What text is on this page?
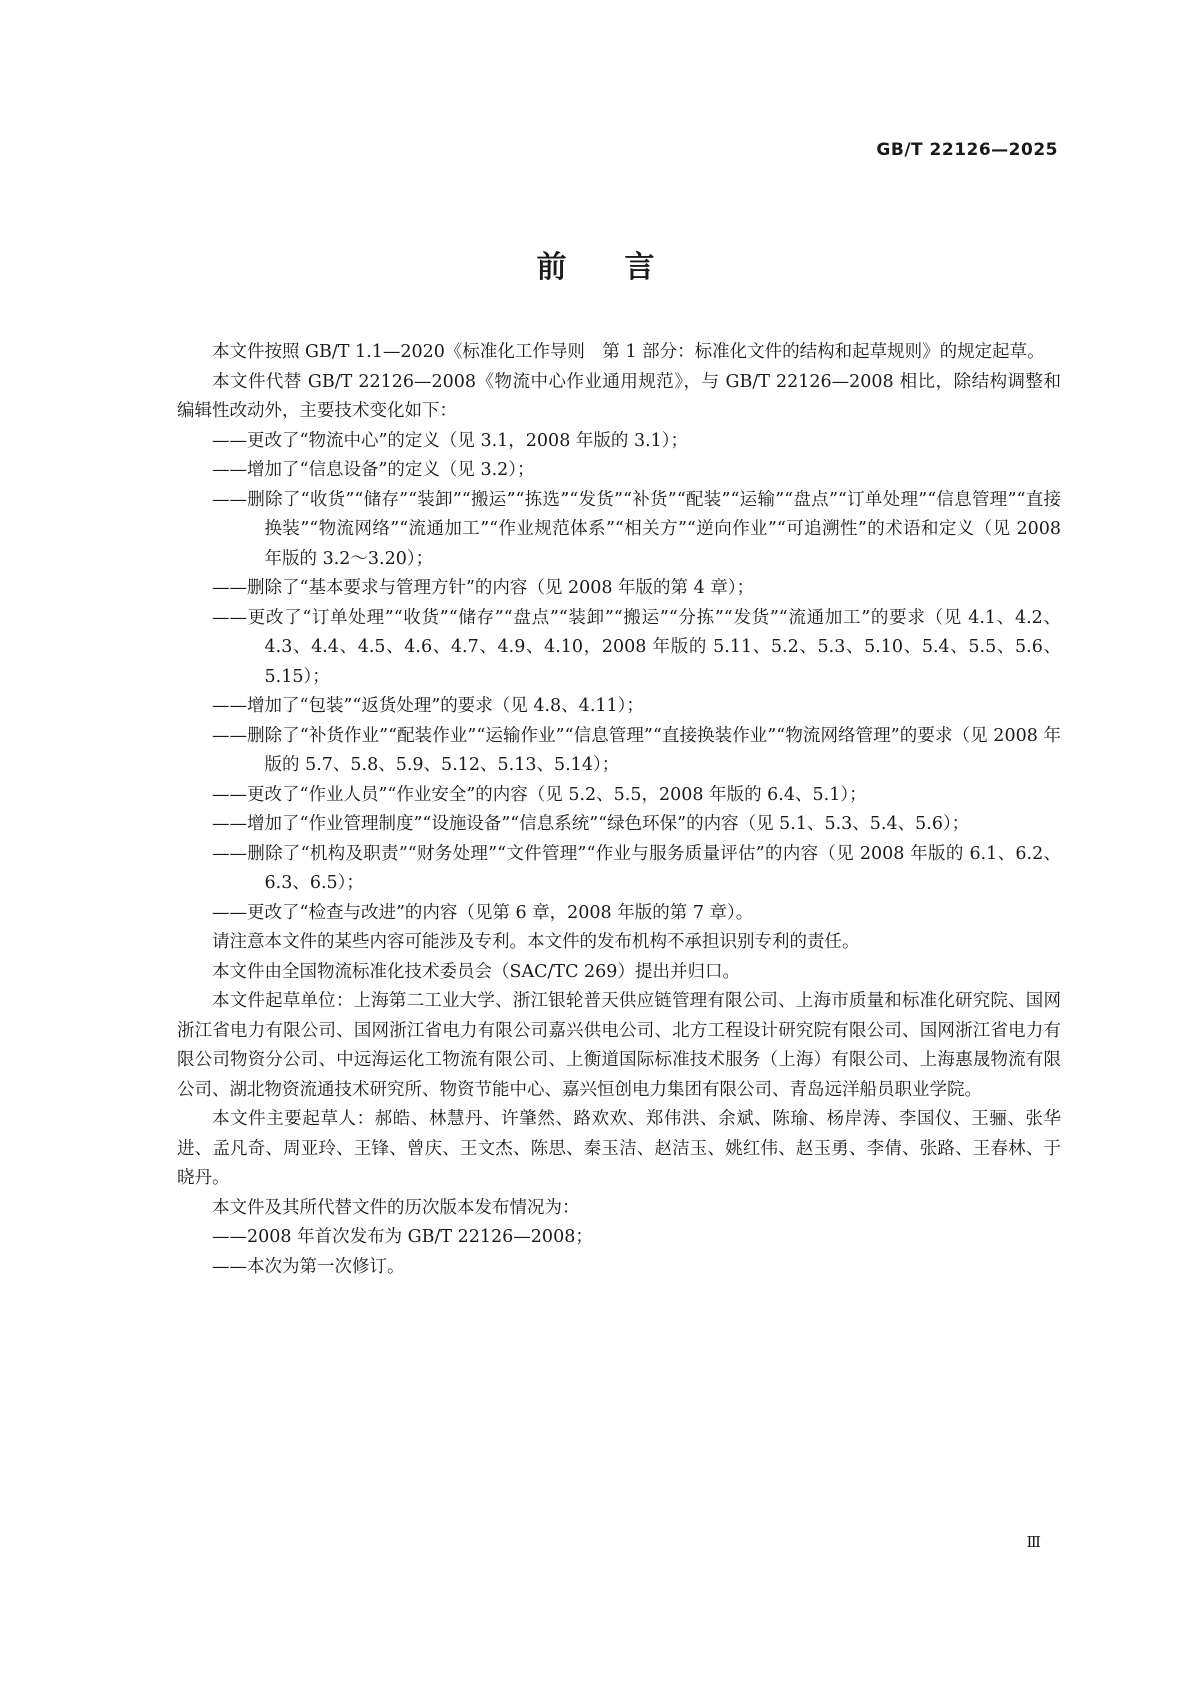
GB/T 22126—2025
前言

本文件按照 GB/T 1.1—2020《标准化工作导则　第 1 部分：标准化文件的结构和起草规则》的规定起草。

本文件代替 GB/T 22126—2008《物流中心作业通用规范》，与 GB/T 22126—2008 相比，除结构调整和编辑性改动外，主要技术变化如下：

——更改了“物流中心”的定义（见 3.1，2008 年版的 3.1）；

——增加了“信息设备”的定义（见 3.2）；

——删除了“收货”“储存”“装卸”“搬运”“拣选”“发货”“补货”“配装”“运输”“盘点”“订单处理”“信息管理”“直接换装”“物流网络”“流通加工”“作业规范体系”“相关方”“逆向作业”“可追溯性”的术语和定义（见 2008 年版的 3.2～3.20）；

——删除了“基本要求与管理方针”的内容（见 2008 年版的第 4 章）；

——更改了“订单处理”“收货”“储存”“盘点”“装卸”“搬运”“分拣”“发货”“流通加工”的要求（见 4.1、4.2、4.3、4.4、4.5、4.6、4.7、4.9、4.10，2008 年版的 5.11、5.2、5.3、5.10、5.4、5.5、5.6、5.15）；

——增加了“包装”“返货处理”的要求（见 4.8、4.11）；

——删除了“补货作业”“配装作业”“运输作业”“信息管理”“直接换装作业”“物流网络管理”的要求（见 2008 年版的 5.7、5.8、5.9、5.12、5.13、5.14）；

——更改了“作业人员”“作业安全”的内容（见 5.2、5.5，2008 年版的 6.4、5.1）；

——增加了“作业管理制度”“设施设备”“信息系统”“绿色环保”的内容（见 5.1、5.3、5.4、5.6）；

——删除了“机构及职责”“财务处理”“文件管理”“作业与服务质量评估”的内容（见 2008 年版的 6.1、6.2、6.3、6.5）；

——更改了“检查与改进”的内容（见第 6 章，2008 年版的第 7 章）。

请注意本文件的某些内容可能涉及专利。本文件的发布机构不承担识别专利的责任。

本文件由全国物流标准化技术委员会（SAC/TC 269）提出并归口。

本文件起草单位：上海第二工业大学、浙江银轮普天供应链管理有限公司、上海市质量和标准化研究院、国网浙江省电力有限公司、国网浙江省电力有限公司嘉兴供电公司、北方工程设计研究院有限公司、国网浙江省电力有限公司物资分公司、中远海运化工物流有限公司、上衡道国际标准技术服务（上海）有限公司、上海惠晟物流有限公司、湖北物资流通技术研究所、物资节能中心、嘉兴恒创电力集团有限公司、青岛远洋船员职业学院。

本文件主要起草人：郝皓、林慧丹、许肇然、路欢欢、郑伟洪、余斌、陈瑜、杨岸涛、李国仪、王骊、张华进、孟凡奇、周亚玲、王锋、曾庆、王文杰、陈思、秦玉洁、赵洁玉、姚红伟、赵玉勇、李倩、张路、王春林、于晓丹。

本文件及其所代替文件的历次版本发布情况为：

——2008 年首次发布为 GB/T 22126—2008；

——本次为第一次修订。

Ⅲ
